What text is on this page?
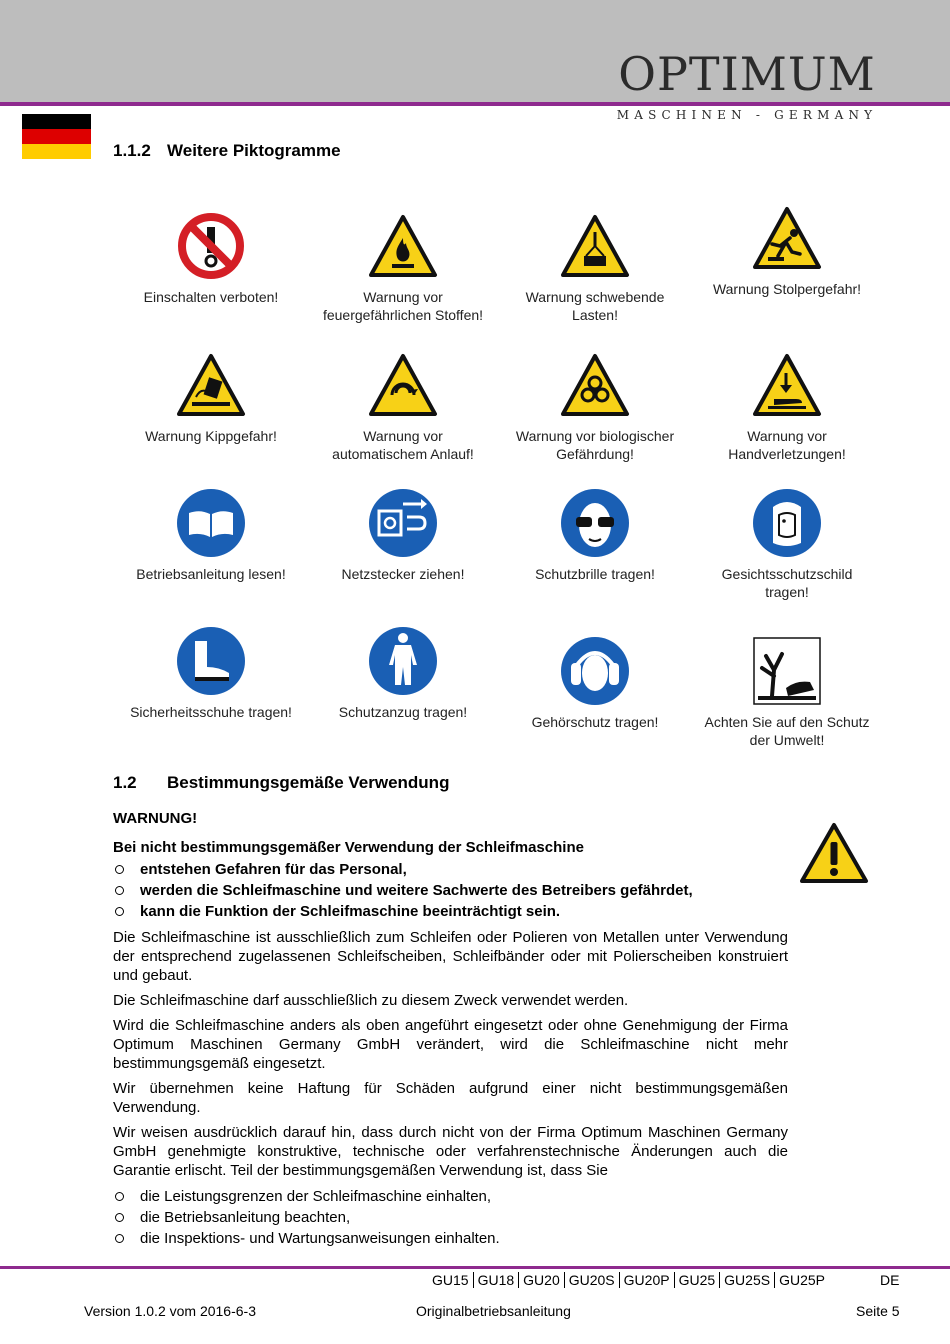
OPTIMUM
MASCHINEN - GERMANY
1.1.2 Weitere Piktogramme
Einschalten verboten!	Warnung vor
feuergefährlichen Stoffen!
Warnung schwebende
Lasten!
Warnung Stolpergefahr!
Warnung Kippgefahr!	Warnung vor
automatischem Anlauf!
Warnung vor biologischer
Gefährdung!
Warnung vor
Handverletzungen!
Betriebsanleitung lesen!	Netzstecker ziehen!	Schutzbrille tragen!	Gesichtsschutzschild
tragen!
Sicherheitsschuhe tragen!	Schutzanzug tragen!
Gehörschutz tragen!	Achten Sie auf den Schutz
der Umwelt!
1.2 Bestimmungsgemäße Verwendung
WARNUNG!
Bei nicht bestimmungsgemäßer Verwendung der Schleifmaschine
entstehen Gefahren für das Personal,
werden die Schleifmaschine und weitere Sachwerte des Betreibers gefährdet,
kann die Funktion der Schleifmaschine beeinträchtigt sein.

Die Schleifmaschine ist ausschließlich zum Schleifen oder Polieren von Metallen unter Verwendung der entsprechend zugelassenen Schleifscheiben, Schleifbänder oder mit Polierscheiben konstruiert und gebaut.

Die Schleifmaschine darf ausschließlich zu diesem Zweck verwendet werden.

Wird die Schleifmaschine anders als oben angeführt eingesetzt oder ohne Genehmigung der Firma Optimum Maschinen Germany GmbH verändert, wird die Schleifmaschine nicht mehr bestimmungsgemäß eingesetzt.

Wir übernehmen keine Haftung für Schäden aufgrund einer nicht bestimmungsgemäßen Verwendung.

Wir weisen ausdrücklich darauf hin, dass durch nicht von der Firma Optimum Maschinen Germany GmbH genehmigte konstruktive, technische oder verfahrenstechnische Änderungen auch die Garantie erlischt. Teil der bestimmungsgemäßen Verwendung ist, dass Sie

die Leistungsgrenzen der Schleifmaschine einhalten,
die Betriebsanleitung beachten,
die Inspektions- und Wartungsanweisungen einhalten.
GU15 GU18 GU20 GU20S GU20P GU25 GU25S GU25P	DE
Version 1.0.2 vom 2016-6-3	Originalbetriebsanleitung	Seite 5
